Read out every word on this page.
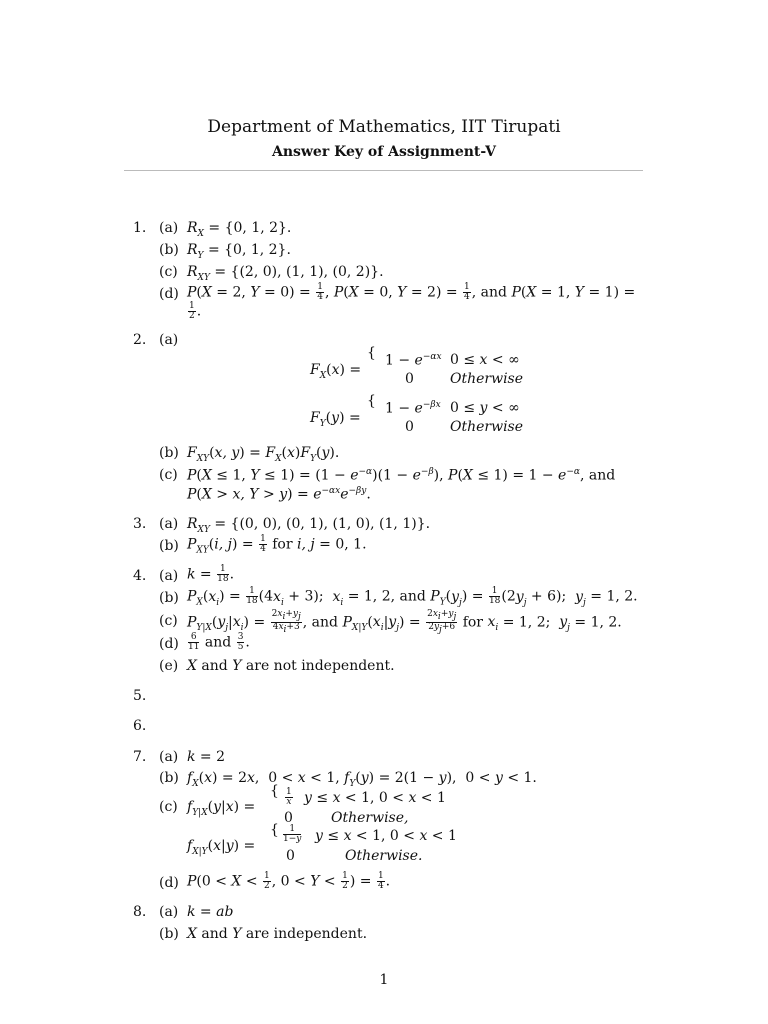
Department of Mathematics, IIT Tirupati
Answer Key of Assignment-V
1. (a) $R_X = \{0$, 1, 2}.
(b) $R_Y = \{0$, 1, 2}.
(c) $R_{XY} = \{(2$, 0), (1, 1), (0, 2)}.
(d) P(X = 2, $Y = 0) = \frac{1}{4}$ , P(X = 0, $Y = 2) = \frac{1}{4}$ , and P(X = 1, Y = 1) =
$\frac{1}{2}$ .
2. (a)
$F_X(x)$ =
{ $1 - e^{-\alpha x}$ 0 ≤ x < ∞
0	Otherwise
$F_Y(y)$ =
{ $1 - e^{-\beta x}$ 0 ≤ y < ∞
0	Otherwise
(b) $F_{XY}(x$, $y) = F_X(x)F_Y(y)$.
(c) P(X ≤ 1, $Y \le 1) = (1 - e^{-\alpha})(1 - e^{-\beta})$, $P(X \le 1) = 1 - e^{-\alpha}$, and
P(X > x, $Y > y) = e^{-\alpha x}e^{-\beta y}$.
3. (a) $R_{XY} = \{(0$, 0), (0, 1), (1, 0), (1, 1)}.
(b) $P_{XY}(i$, $j) = \frac{1}{4}$ for i, j = 0, 1.
4. (a) $k = \frac{1}{18}$ .
(b) $P_X(x_i) = \frac{1}{18} (4x_i + 3)$;  $x_i = 1$, 2, and $P_Y(y_j) = \frac{1}{18} (2y_j + 6)$;  $y_j = 1$, 2.
(c) $P_{Y|X}(y_j|x_i) = \frac{2x_i+y_j}{4x_i+3}$ , and $P_{X|Y}(x_i|y_j) = \frac{2x_i+y_j}{2y_j+6}$ for $x_i = 1$, 2;  $y_j = 1$, 2.
$(d) \frac{6}{11}$ and $\frac{3}{5}$ .
(e) X and Y are not independent.
5.
6.
7. (a) k = 2
(b) $f_X(x) = 2x$,  0 < x < 1, $f_Y(y) = 2(1 - y)$,  0 < y < 1.
(c) $f_{Y|X}(y|x)$ =
{ $\frac{1}{x}$ y ≤ x < 1, 0 < x < 1
0	Otherwise,
$f_{X|Y}(x|y)$ =
{ $\frac{1}{1-y}$ y ≤ x < 1, 0 < x < 1
0	Otherwise.
(d) $P(0 < X < \frac{1}{2}$ , $0 < Y < \frac{1}{2}$ ) = $\frac{1}{4}$ .
8. (a) k = ab
(b) X and Y are independent.
1
